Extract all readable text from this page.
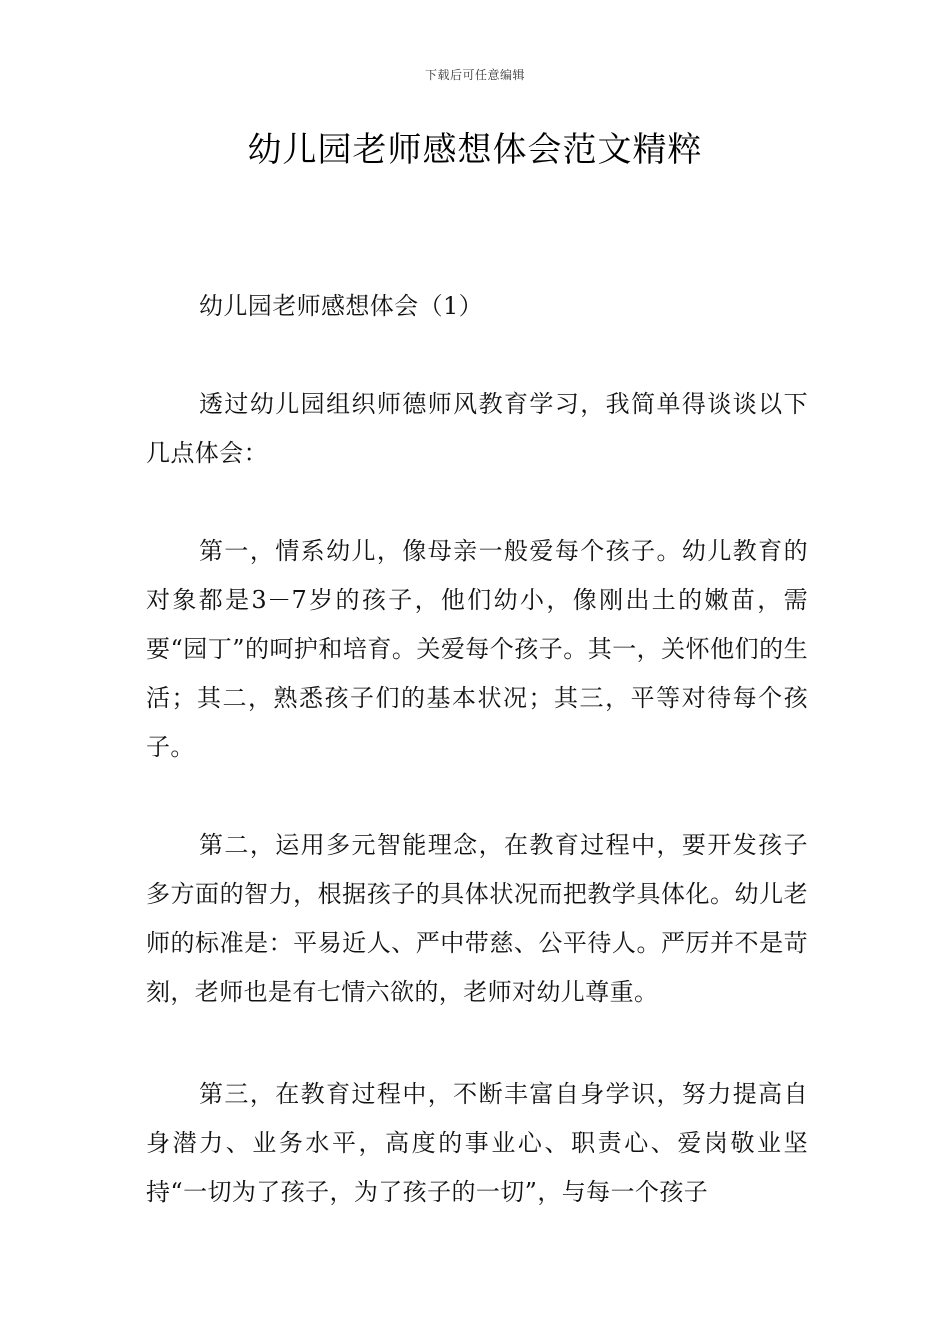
下载后可任意编辑
幼儿园老师感想体会范文精粹

幼儿园老师感想体会（1）

透过幼儿园组织师德师风教育学习，我简单得谈谈以下几点体会：

第一，情系幼儿，像母亲一般爱每个孩子。幼儿教育的对象都是3－7岁的孩子，他们幼小，像刚出土的嫩苗，需要“园丁”的呵护和培育。关爱每个孩子。其一，关怀他们的生活；其二，熟悉孩子们的基本状况；其三，平等对待每个孩子。

第二，运用多元智能理念，在教育过程中，要开发孩子多方面的智力，根据孩子的具体状况而把教学具体化。幼儿老师的标准是：平易近人、严中带慈、公平待人。严厉并不是苛刻，老师也是有七情六欲的，老师对幼儿尊重。

第三，在教育过程中，不断丰富自身学识，努力提高自身潜力、业务水平，高度的事业心、职责心、爱岗敬业坚持“一切为了孩子，为了孩子的一切”，与每一个孩子
